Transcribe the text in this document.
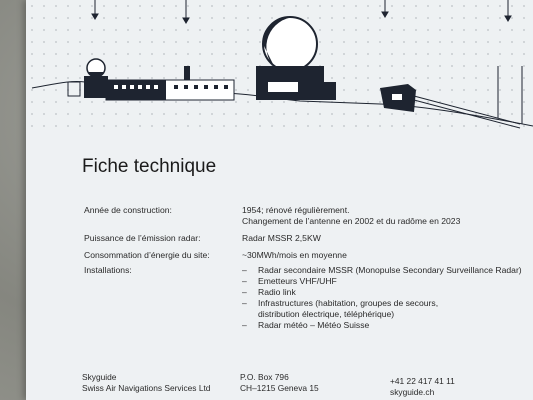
Fiche technique
Année de construction:	1954; rénové régulièrement.
Changement de l’antenne en 2002 et du radôme en 2023
Puissance de l’émission radar:	Radar MSSR 2,5KW
Consommation d’énergie du site:	~30MWh/mois en moyenne
Installations:	–	Radar secondaire MSSR (Monopulse Secondary Surveillance Radar)
–	Emetteurs VHF/UHF
–	Radio link
–	Infrastructures (habitation, groupes de secours,
distribution électrique, téléphérique)
–	Radar météo – Météo Suisse
Skyguide
Swiss Air Navigations Services Ltd
P.O. Box 796
CH–1215 Geneva 15
+41 22 417 41 11
skyguide.ch
